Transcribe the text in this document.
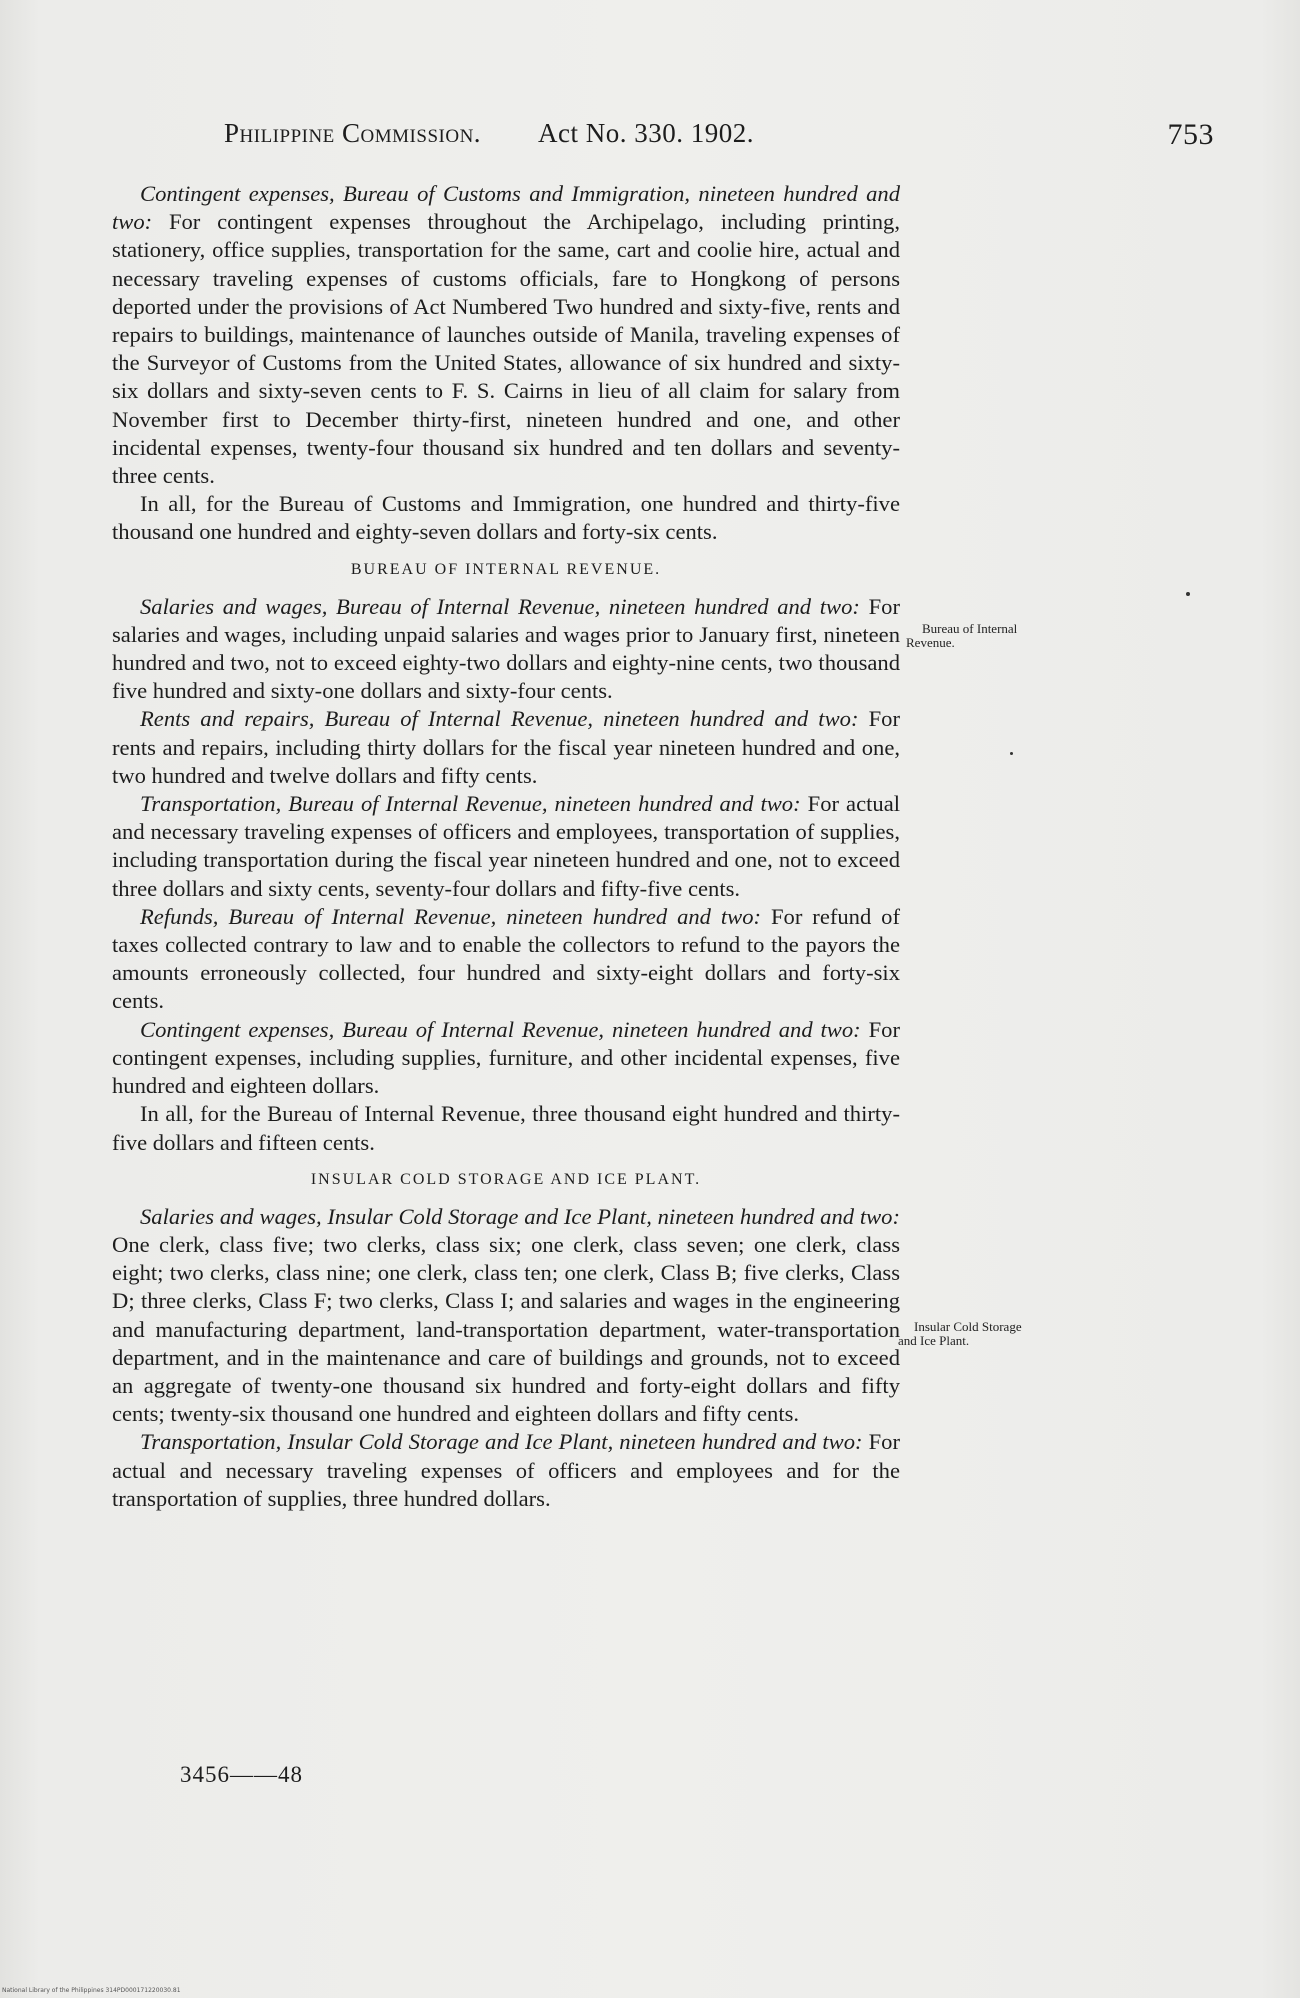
Philippine Commission. Act No. 330. 1902.	753

Contingent expenses, Bureau of Customs and Immigration, nineteen hundred and two: For contingent expenses throughout the Archipelago, including printing, stationery, office supplies, transportation for the same, cart and coolie hire, actual and necessary traveling expenses of customs officials, fare to Hongkong of persons deported under the provisions of Act Numbered Two hundred and sixty-five, rents and repairs to buildings, maintenance of launches outside of Manila, traveling expenses of the Surveyor of Customs from the United States, allowance of six hundred and sixty-six dollars and sixty-seven cents to F. S. Cairns in lieu of all claim for salary from November first to December thirty-first, nineteen hundred and one, and other incidental expenses, twenty-four thousand six hundred and ten dollars and seventy-three cents.

In all, for the Bureau of Customs and Immigration, one hundred and thirty-five thousand one hundred and eighty-seven dollars and forty-six cents.

BUREAU OF INTERNAL REVENUE.

Salaries and wages, Bureau of Internal Revenue, nineteen hundred and two: For salaries and wages, including unpaid salaries and wages prior to January first, nineteen hundred and two, not to exceed eighty-two dollars and eighty-nine cents, two thousand five hundred and sixty-one dollars and sixty-four cents.

Rents and repairs, Bureau of Internal Revenue, nineteen hundred and two: For rents and repairs, including thirty dollars for the fiscal year nineteen hundred and one, two hundred and twelve dollars and fifty cents.

Transportation, Bureau of Internal Revenue, nineteen hundred and two: For actual and necessary traveling expenses of officers and employees, transportation of supplies, including transportation during the fiscal year nineteen hundred and one, not to exceed three dollars and sixty cents, seventy-four dollars and fifty-five cents.

Refunds, Bureau of Internal Revenue, nineteen hundred and two: For refund of taxes collected contrary to law and to enable the collectors to refund to the payors the amounts erroneously collected, four hundred and sixty-eight dollars and forty-six cents.

Contingent expenses, Bureau of Internal Revenue, nineteen hundred and two: For contingent expenses, including supplies, furniture, and other incidental expenses, five hundred and eighteen dollars.

In all, for the Bureau of Internal Revenue, three thousand eight hundred and thirty-five dollars and fifteen cents.

INSULAR COLD STORAGE AND ICE PLANT.

Salaries and wages, Insular Cold Storage and Ice Plant, nineteen hundred and two: One clerk, class five; two clerks, class six; one clerk, class seven; one clerk, class eight; two clerks, class nine; one clerk, class ten; one clerk, Class B; five clerks, Class D; three clerks, Class F; two clerks, Class I; and salaries and wages in the engineering and manufacturing department, land-transportation department, water-transportation department, and in the maintenance and care of buildings and grounds, not to exceed an aggregate of twenty-one thousand six hundred and forty-eight dollars and fifty cents; twenty-six thousand one hundred and eighteen dollars and fifty cents.

Transportation, Insular Cold Storage and Ice Plant, nineteen hundred and two: For actual and necessary traveling expenses of officers and employees and for the transportation of supplies, three hundred dollars.

Bureau of Internal
Revenue.
Insular Cold Storage
and Ice Plant.
3456——48
National Library of the Philippines 314PD000171220030.81
